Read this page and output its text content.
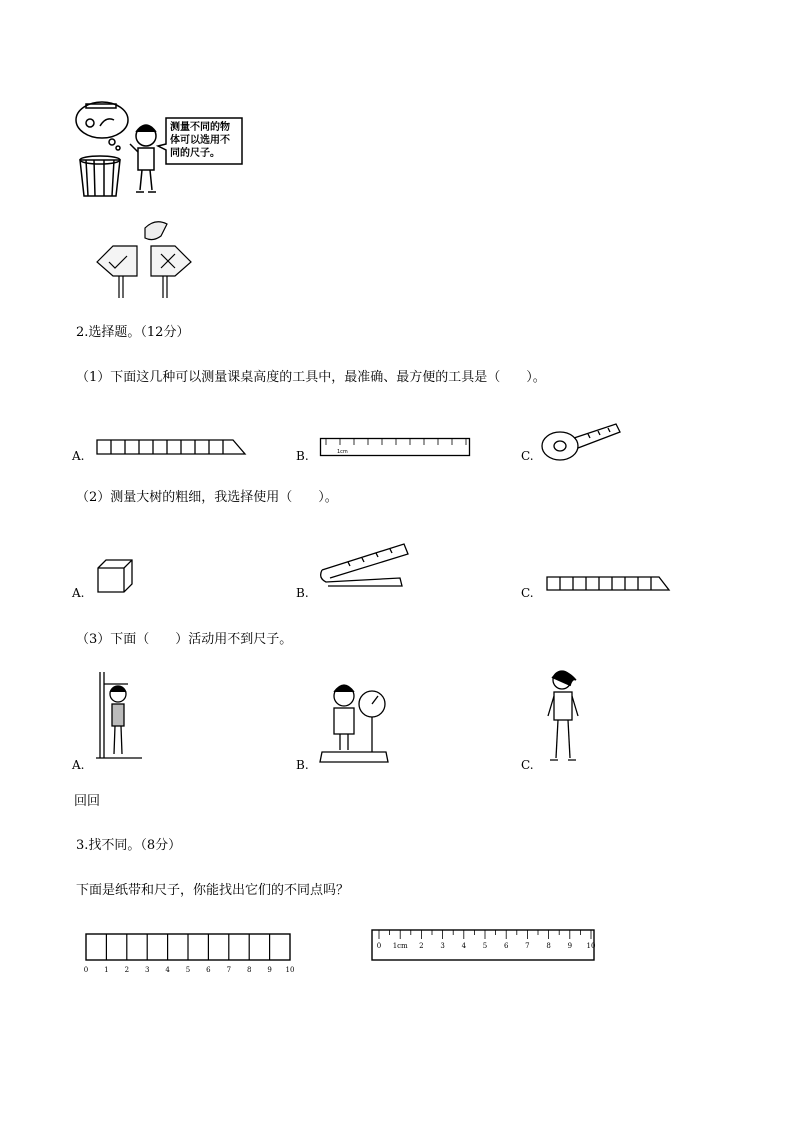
测量不同的物
体可以选用不
同的尺子。
2.选择题。（12分）
（1）下面这几种可以测量课桌高度的工具中，最准确、最方便的工具是（　　）。
A.	B.	1cm	C.
（2）测量大树的粗细，我选择使用（　　）。
A.	B.	C.
（3）下面（　　）活动用不到尺子。
A.	B.	C.
回回
3.找不同。（8分）
下面是纸带和尺子，你能找出它们的不同点吗？
0 1 2 3 4 5 6 7 8 9 10
0 1cm 2 3 4 5 6 7 8 9 10
